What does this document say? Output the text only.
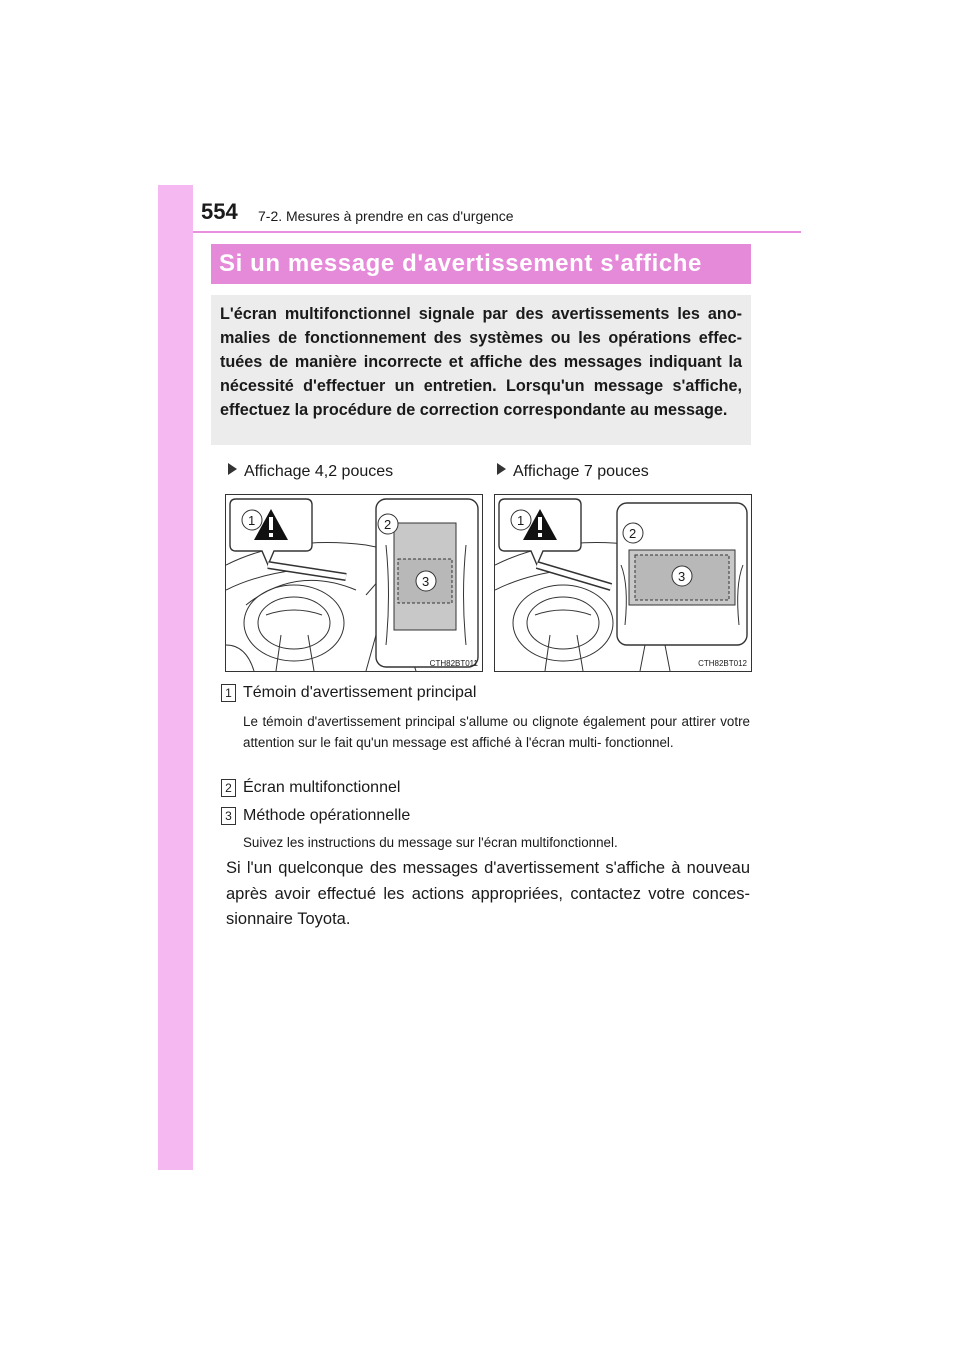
554 7-2. Mesures à prendre en cas d'urgence
Si un message d'avertissement s'affiche
L'écran multifonctionnel signale par des avertissements les ano- malies de fonctionnement des systèmes ou les opérations effec- tuées de manière incorrecte et affiche des messages indiquant la nécessité d'effectuer un entretien. Lorsqu'un message s'affiche, effectuez la procédure de correction correspondante au message.
Affichage 4,2 pouces	Affichage 7 pouces
1	2
3
CTH82BT011
1
2
3
CTH82BT012
1 Témoin d'avertissement principal
Le témoin d'avertissement principal s'allume ou clignote également pour attirer votre attention sur le fait qu'un message est affiché à l'écran multi- fonctionnel.
2 Écran multifonctionnel
3 Méthode opérationnelle
Suivez les instructions du message sur l'écran multifonctionnel.
Si l'un quelconque des messages d'avertissement s'affiche à nouveau après avoir effectué les actions appropriées, contactez votre conces- sionnaire Toyota.
